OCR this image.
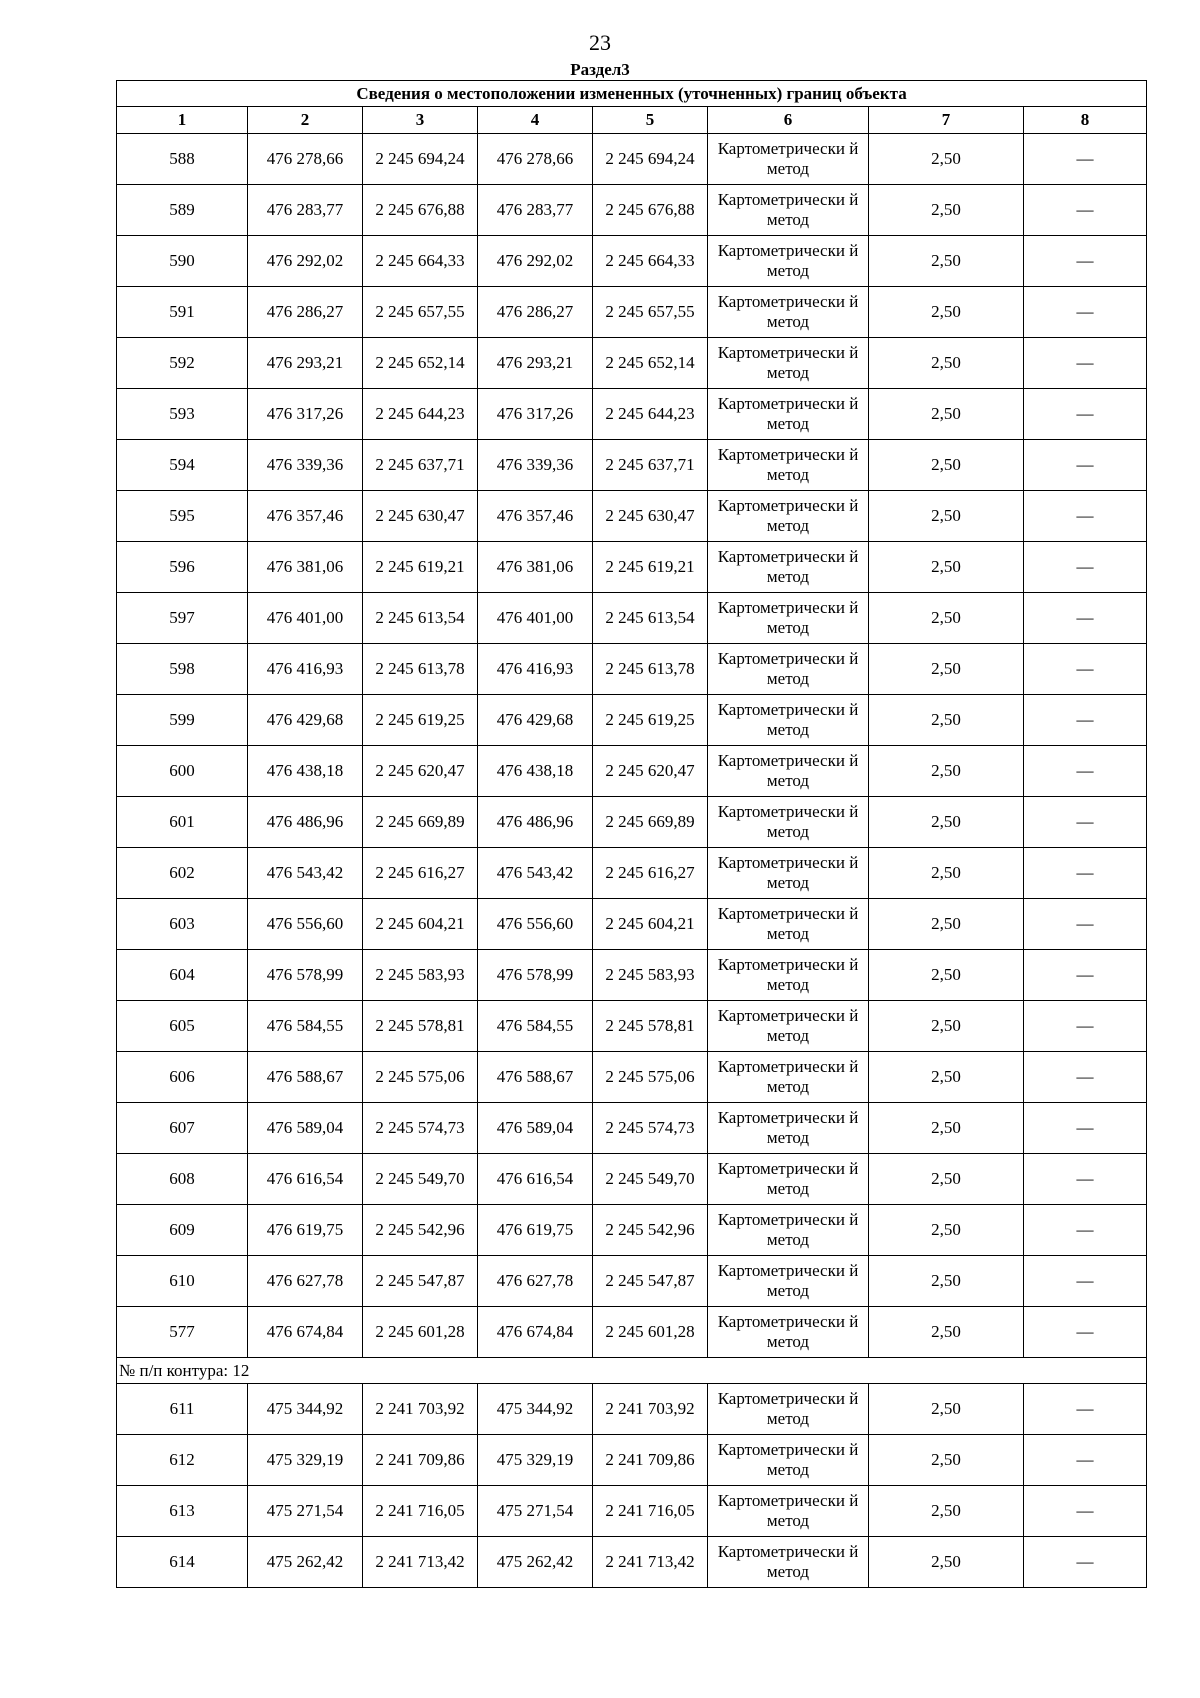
23
Раздел3
Сведения о местоположении измененных (уточненных) границ объекта							
1	2	3	4	5	6	7	8
588	476 278,66	2 245 694,24	476 278,66	2 245 694,24	Картометрически й метод	2,50	—
589	476 283,77	2 245 676,88	476 283,77	2 245 676,88	Картометрически й метод	2,50	—
590	476 292,02	2 245 664,33	476 292,02	2 245 664,33	Картометрически й метод	2,50	—
591	476 286,27	2 245 657,55	476 286,27	2 245 657,55	Картометрически й метод	2,50	—
592	476 293,21	2 245 652,14	476 293,21	2 245 652,14	Картометрически й метод	2,50	—
593	476 317,26	2 245 644,23	476 317,26	2 245 644,23	Картометрически й метод	2,50	—
594	476 339,36	2 245 637,71	476 339,36	2 245 637,71	Картометрически й метод	2,50	—
595	476 357,46	2 245 630,47	476 357,46	2 245 630,47	Картометрически й метод	2,50	—
596	476 381,06	2 245 619,21	476 381,06	2 245 619,21	Картометрически й метод	2,50	—
597	476 401,00	2 245 613,54	476 401,00	2 245 613,54	Картометрически й метод	2,50	—
598	476 416,93	2 245 613,78	476 416,93	2 245 613,78	Картометрически й метод	2,50	—
599	476 429,68	2 245 619,25	476 429,68	2 245 619,25	Картометрически й метод	2,50	—
600	476 438,18	2 245 620,47	476 438,18	2 245 620,47	Картометрически й метод	2,50	—
601	476 486,96	2 245 669,89	476 486,96	2 245 669,89	Картометрически й метод	2,50	—
602	476 543,42	2 245 616,27	476 543,42	2 245 616,27	Картометрически й метод	2,50	—
603	476 556,60	2 245 604,21	476 556,60	2 245 604,21	Картометрически й метод	2,50	—
604	476 578,99	2 245 583,93	476 578,99	2 245 583,93	Картометрически й метод	2,50	—
605	476 584,55	2 245 578,81	476 584,55	2 245 578,81	Картометрически й метод	2,50	—
606	476 588,67	2 245 575,06	476 588,67	2 245 575,06	Картометрически й метод	2,50	—
607	476 589,04	2 245 574,73	476 589,04	2 245 574,73	Картометрически й метод	2,50	—
608	476 616,54	2 245 549,70	476 616,54	2 245 549,70	Картометрически й метод	2,50	—
609	476 619,75	2 245 542,96	476 619,75	2 245 542,96	Картометрически й метод	2,50	—
610	476 627,78	2 245 547,87	476 627,78	2 245 547,87	Картометрически й метод	2,50	—
577	476 674,84	2 245 601,28	476 674,84	2 245 601,28	Картометрически й метод	2,50	—
№ п/п контура: 12							
611	475 344,92	2 241 703,92	475 344,92	2 241 703,92	Картометрически й метод	2,50	—
612	475 329,19	2 241 709,86	475 329,19	2 241 709,86	Картометрически й метод	2,50	—
613	475 271,54	2 241 716,05	475 271,54	2 241 716,05	Картометрически й метод	2,50	—
614	475 262,42	2 241 713,42	475 262,42	2 241 713,42	Картометрически й метод	2,50	—
